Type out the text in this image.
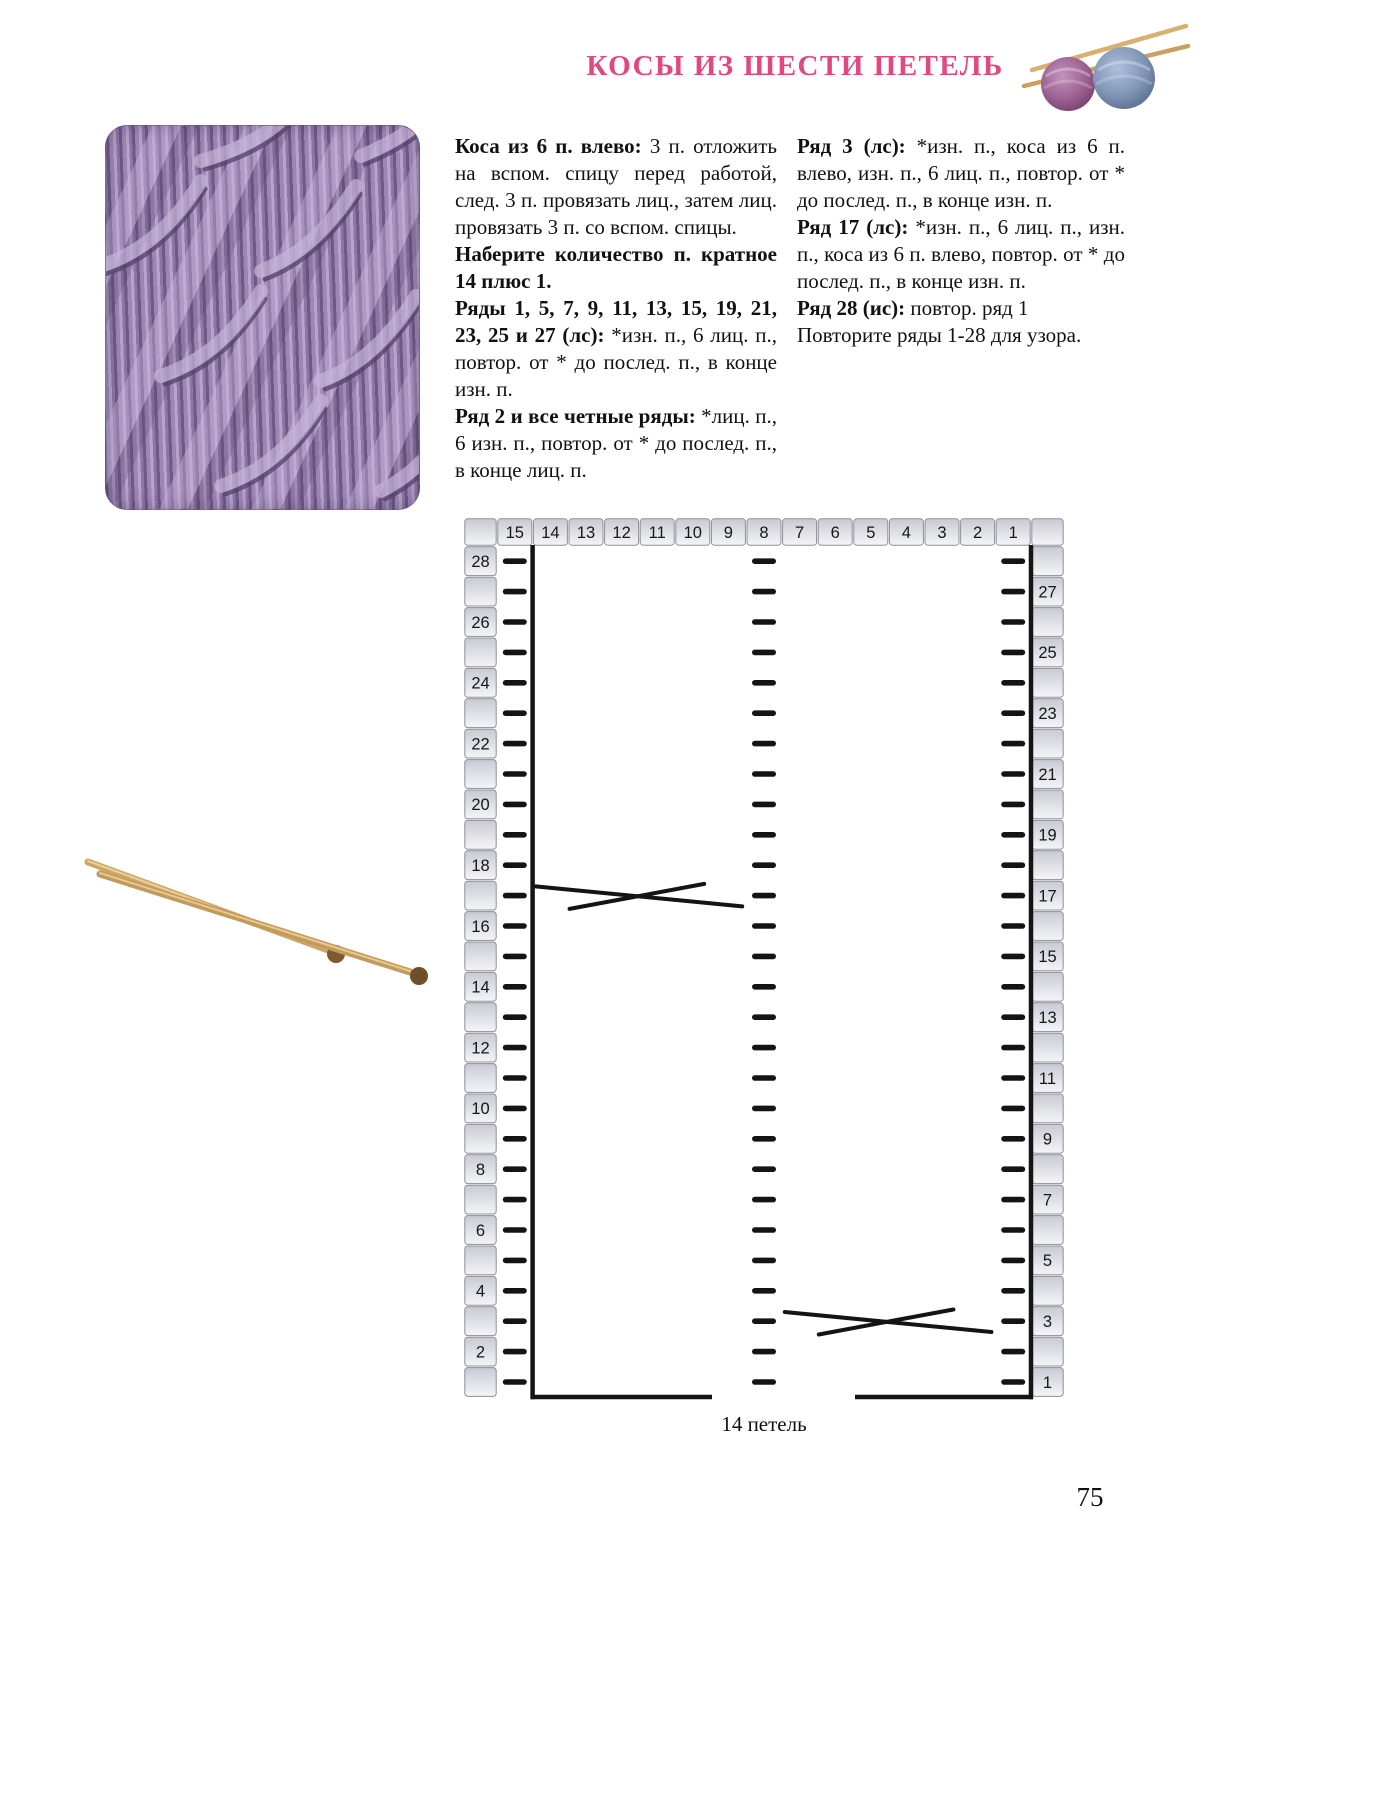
КОСЫ ИЗ ШЕСТИ ПЕТЕЛЬ

Коса из 6 п. влево: 3 п. отложить на вспом. спицу перед работой, след. 3 п. провязать лиц., затем лиц. провязать 3 п. со вспом. спицы.

Наберите количество п. кратное 14 плюс 1.

Ряды 1, 5, 7, 9, 11, 13, 15, 19, 21, 23, 25 и 27 (лс): *изн. п., 6 лиц. п., повтор. от * до послед. п., в конце изн. п.

Ряд 2 и все четные ряды: *лиц. п., 6 изн. п., повтор. от * до послед. п., в конце лиц. п.

Ряд 3 (лс): *изн. п., коса из 6 п. влево, изн. п., 6 лиц. п., повтор. от * до послед. п., в конце изн. п.

Ряд 17 (лс): *изн. п., 6 лиц. п., изн. п., коса из 6 п. влево, повтор. от * до послед. п., в конце изн. п.

Ряд 28 (ис): повтор. ряд 1

Повторите ряды 1-28 для узора.

15 14 13 12 11 10 9 8 7 6 5 4 3 2 1
28
27
26
25
24
23
22
21
20
19
18
17
16
15
14
13
12
11
10
9
8
7
6
5
4
3
2
1
14 петель
75
